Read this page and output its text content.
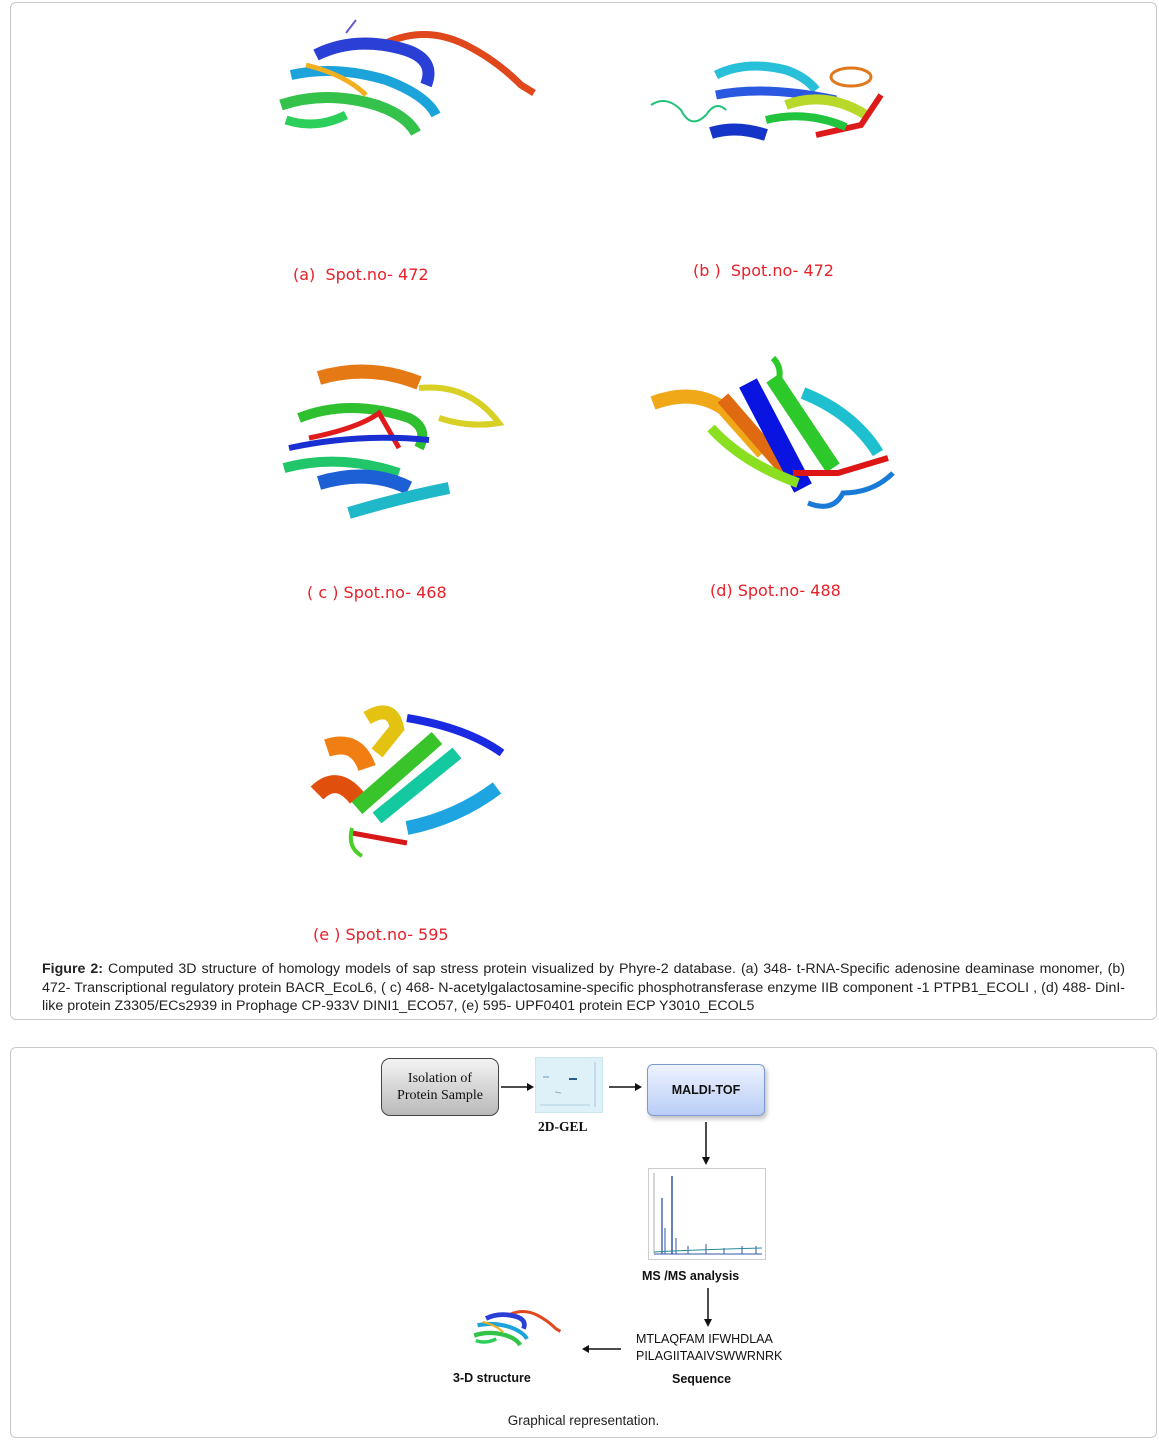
(a)  Spot.no- 472	(b )  Spot.no- 472
( c ) Spot.no- 468	(d) Spot.no- 488
(e ) Spot.no- 595
Figure 2: Computed 3D structure of homology models of sap stress protein visualized by Phyre-2 database. (a) 348- t-RNA-Specific adenosine deaminase monomer, (b) 472- Transcriptional regulatory protein BACR_EcoL6, ( c) 468- N-acetylgalactosamine-specific phosphotransferase enzyme IIB component -1 PTPB1_ECOLI , (d) 488- DinI-like protein Z3305/ECs2939 in Prophage CP-933V DINI1_ECO57, (e) 595- UPF0401 protein ECP Y3010_ECOL5
Isolation of
Protein Sample
2D-GEL
MALDI-TOF
MS /MS analysis
MTLAQFAM IFWHDLAA
PILAGIITAAIVSWWRNRK
Sequence
3-D structure
Graphical representation.
